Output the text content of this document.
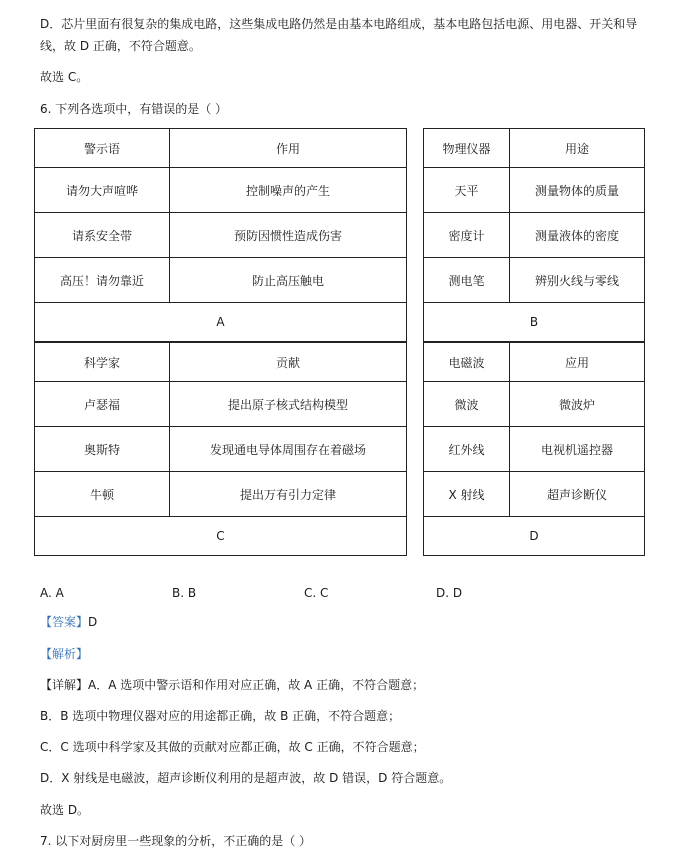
D．芯片里面有很复杂的集成电路，这些集成电路仍然是由基本电路组成，基本电路包括电源、用电器、开关和导
线，故 D 正确，不符合题意。
故选 C。
6. 下列各选项中，有错误的是（ ）
警示语	作用
请勿大声喧哗	控制噪声的产生
请系安全带	预防因惯性造成伤害
高压！请勿靠近	防止高压触电
A	
物理仪器	用途
天平	测量物体的质量
密度计	测量液体的密度
测电笔	辨别火线与零线
B	
科学家	贡献
卢瑟福	提出原子核式结构模型
奥斯特	发现通电导体周围存在着磁场
牛顿	提出万有引力定律
C	
电磁波	应用
微波	微波炉
红外线	电视机遥控器
X 射线	超声诊断仪
D	
A. A	B. B	C. C	D. D
【答案】D
【解析】
【详解】A．A 选项中警示语和作用对应正确，故 A 正确，不符合题意；
B．B 选项中物理仪器对应的用途都正确，故 B 正确，不符合题意；
C．C 选项中科学家及其做的贡献对应都正确，故 C 正确，不符合题意；
D．X 射线是电磁波，超声诊断仪利用的是超声波，故 D 错误，D 符合题意。
故选 D。
7. 以下对厨房里一些现象的分析，不正确的是（ ）
